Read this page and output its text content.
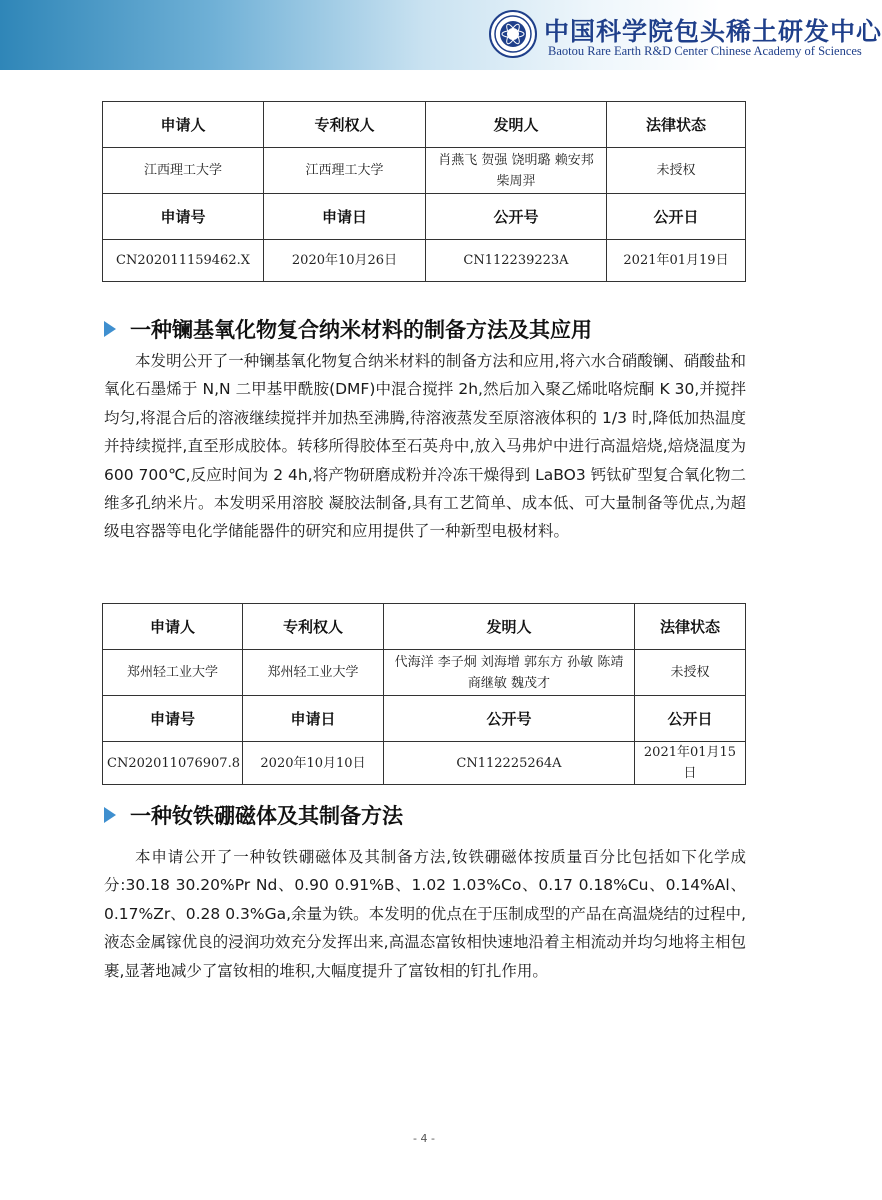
中国科学院包头稀土研发中心
Baotou Rare Earth R&D Center Chinese Academy of Sciences
申请人	专利权人	发明人	法律状态
江西理工大学	江西理工大学	肖燕飞 贺强 饶明璐 赖安邦 柴周羿	未授权
申请号	申请日	公开号	公开日
CN202011159462.X	2020年10月26日	CN112239223A	2021年01月19日
一种镧基氧化物复合纳米材料的制备方法及其应用

本发明公开了一种镧基氧化物复合纳米材料的制备方法和应用,将六水合硝酸镧、硝酸盐和氧化石墨烯于 N,N 二甲基甲酰胺(DMF)中混合搅拌 2h,然后加入聚乙烯吡咯烷酮 K 30,并搅拌均匀,将混合后的溶液继续搅拌并加热至沸腾,待溶液蒸发至原溶液体积的 1/3 时,降低加热温度并持续搅拌,直至形成胶体。转移所得胶体至石英舟中,放入马弗炉中进行高温焙烧,焙烧温度为 600 700℃,反应时间为 2 4h,将产物研磨成粉并冷冻干燥得到 LaBO3 钙钛矿型复合氧化物二维多孔纳米片。本发明采用溶胶 凝胶法制备,具有工艺简单、成本低、可大量制备等优点,为超级电容器等电化学储能器件的研究和应用提供了一种新型电极材料。

申请人	专利权人	发明人	法律状态
郑州轻工业大学	郑州轻工业大学	代海洋 李子炯 刘海增 郭东方 孙敏 陈靖 商继敏 魏茂才	未授权
申请号	申请日	公开号	公开日
CN202011076907.8	2020年10月10日	CN112225264A	2021年01月15日
一种钕铁硼磁体及其制备方法

本申请公开了一种钕铁硼磁体及其制备方法,钕铁硼磁体按质量百分比包括如下化学成分:30.18 30.20%Pr Nd、0.90 0.91%B、1.02 1.03%Co、0.17 0.18%Cu、0.14%Al、0.17%Zr、0.28 0.3%Ga,余量为铁。本发明的优点在于压制成型的产品在高温烧结的过程中,液态金属镓优良的浸润功效充分发挥出来,高温态富钕相快速地沿着主相流动并均匀地将主相包裹,显著地减少了富钕相的堆积,大幅度提升了富钕相的钉扎作用。

- 4 -
